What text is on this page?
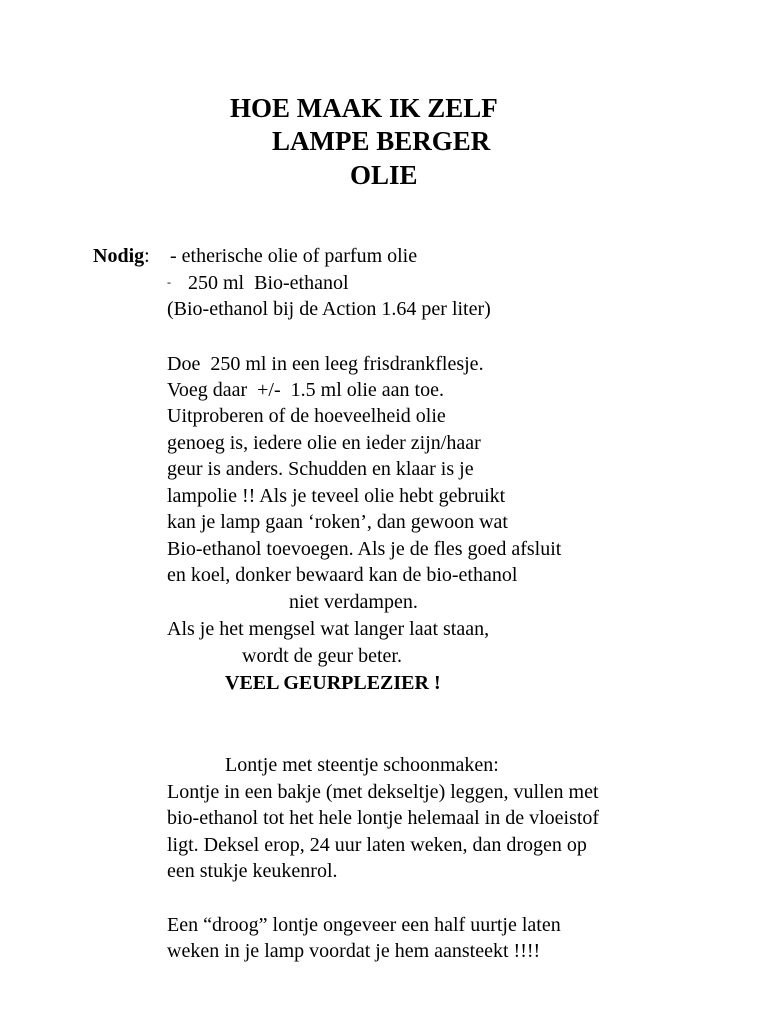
HOE MAAK IK ZELF
LAMPE BERGER
OLIE
Nodig: - etherische olie of parfum olie
- 250 ml  Bio-ethanol
(Bio-ethanol bij de Action 1.64 per liter)
Doe  250 ml in een leeg frisdrankflesje.
Voeg daar  +/-  1.5 ml olie aan toe.
Uitproberen of de hoeveelheid olie
genoeg is, iedere olie en ieder zijn/haar
geur is anders. Schudden en klaar is je
lampolie !! Als je teveel olie hebt gebruikt
kan je lamp gaan ‘roken’, dan gewoon wat
Bio-ethanol toevoegen. Als je de fles goed afsluit
en koel, donker bewaard kan de bio-ethanol
niet verdampen.
Als je het mengsel wat langer laat staan,
wordt de geur beter.
VEEL GEURPLEZIER !
Lontje met steentje schoonmaken:
Lontje in een bakje (met dekseltje) leggen, vullen met
bio-ethanol tot het hele lontje helemaal in de vloeistof
ligt. Deksel erop, 24 uur laten weken, dan drogen op
een stukje keukenrol.
Een “droog” lontje ongeveer een half uurtje laten
weken in je lamp voordat je hem aansteekt !!!!
